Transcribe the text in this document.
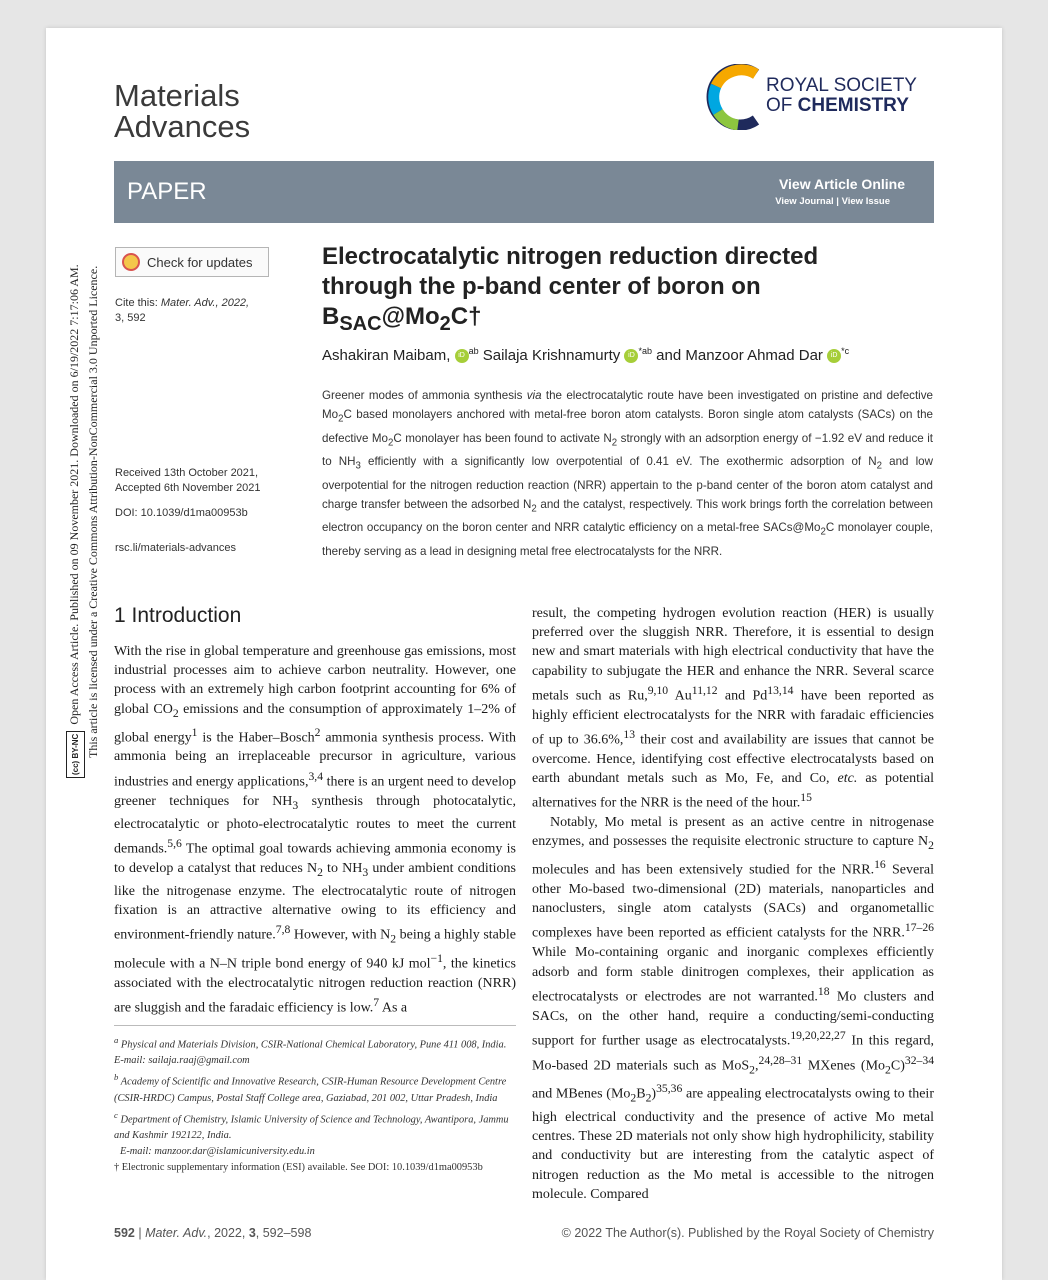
Materials
Advances
ROYAL SOCIETY
OF CHEMISTRY
PAPER	View Article Online
View Journal | View Issue
Check for updates
Cite this: Mater. Adv., 2022,
3, 592
Received 13th October 2021,
Accepted 6th November 2021
DOI: 10.1039/d1ma00953b
rsc.li/materials-advances
Electrocatalytic nitrogen reduction directed
through the p-band center of boron on
$B_{SAC}@Mo_2C\dagger$
Ashakiran Maibam, iD $^{ab}$ Sailaja Krishnamurty iD $^{*ab}$ and Manzoor Ahmad Dar iD $^{*c}$
Greener modes of ammonia synthesis via the electrocatalytic route have been investigated on pristine and defective $Mo_2C$ based monolayers anchored with metal-free boron atom catalysts. Boron single atom catalysts (SACs) on the defective $Mo_2C$ monolayer has been found to activate $N_2$ strongly with an adsorption energy of −1.92 eV and reduce it to $NH_3$ efficiently with a significantly low overpotential of 0.41 eV. The exothermic adsorption of $N_2$ and low overpotential for the nitrogen reduction reaction (NRR) appertain to the p-band center of the boron atom catalyst and charge transfer between the adsorbed $N_2$ and the catalyst, respectively. This work brings forth the correlation between electron occupancy on the boron center and NRR catalytic efficiency on a metal-free $SACs@Mo_2C$ monolayer couple, thereby serving as a lead in designing metal free electrocatalysts for the NRR.
1 Introduction

With the rise in global temperature and greenhouse gas emissions, most industrial processes aim to achieve carbon neutrality. However, one process with an extremely high carbon footprint accounting for 6% of global $CO_2$ emissions and the consumption of approximately 1–2% of global energy$^1$ is the Haber–Bosch$^2$ ammonia synthesis process. With ammonia being an irreplaceable precursor in agriculture, various industries and energy applications,$^{3,4}$ there is an urgent need to develop greener techniques for $NH_3$ synthesis through photocatalytic, electrocatalytic or photo-electrocatalytic routes to meet the current demands.$^{5,6}$ The optimal goal towards achieving ammonia economy is to develop a catalyst that reduces $N_2$ to $NH_3$ under ambient conditions like the nitrogenase enzyme. The electrocatalytic route of nitrogen fixation is an attractive alternative owing to its efficiency and environment-friendly nature.$^{7,8}$ However, with $N_2$ being a highly stable molecule with a N–N triple bond energy of 940 kJ mol$^{-1}$, the kinetics associated with the electrocatalytic nitrogen reduction reaction (NRR) are sluggish and the faradaic efficiency is low.$^7$ As a

result, the competing hydrogen evolution reaction (HER) is usually preferred over the sluggish NRR. Therefore, it is essential to design new and smart materials with high electrical conductivity that have the capability to subjugate the HER and enhance the NRR. Several scarce metals such as Ru,$^{9,10}$ Au$^{11,12}$ and Pd$^{13,14}$ have been reported as highly efficient electrocatalysts for the NRR with faradaic efficiencies of up to 36.6%,$^{13}$ their cost and availability are issues that cannot be overcome. Hence, identifying cost effective electrocatalysts based on earth abundant metals such as Mo, Fe, and Co, etc. as potential alternatives for the NRR is the need of the hour.$^{15}$

Notably, Mo metal is present as an active centre in nitrogenase enzymes, and possesses the requisite electronic structure to capture $N_2$ molecules and has been extensively studied for the NRR.$^{16}$ Several other Mo-based two-dimensional (2D) materials, nanoparticles and nanoclusters, single atom catalysts (SACs) and organometallic complexes have been reported as efficient catalysts for the NRR.$^{17-26}$ While Mo-containing organic and inorganic complexes efficiently adsorb and form stable dinitrogen complexes, their application as electrocatalysts or electrodes are not warranted.$^{18}$ Mo clusters and SACs, on the other hand, require a conducting/semi-conducting support for further usage as electrocatalysts.$^{19,20,22,27}$ In this regard, Mo-based 2D materials such as MoS$_2$,$^{24,28-31}$ MXenes $(Mo_2C)^{32-34}$ and MBenes $(Mo_2B_2)^{35,36}$ are appealing electrocatalysts owing to their high electrical conductivity and the presence of active Mo metal centres. These 2D materials not only show high hydrophilicity, stability and conductivity but are interesting from the catalytic aspect of nitrogen reduction as the Mo metal is accessible to the nitrogen molecule. Compared

$^a$ Physical and Materials Division, CSIR-National Chemical Laboratory, Pune 411 008, India. E-mail: sailaja.raaj@gmail.com

$^b$ Academy of Scientific and Innovative Research, CSIR-Human Resource Development Centre (CSIR-HRDC) Campus, Postal Staff College area, Gaziabad, 201 002, Uttar Pradesh, India

$^c$ Department of Chemistry, Islamic University of Science and Technology, Awantipora, Jammu and Kashmir 192122, India.

E-mail: manzoor.dar@islamicuniversity.edu.in

† Electronic supplementary information (ESI) available. See DOI: 10.1039/d1ma00953b

592 | Mater. Adv., 2022, 3, 592–598	© 2022 The Author(s). Published by the Royal Society of Chemistry
(cc) BY-NCOpen Access Article. Published on 09 November 2021. Downloaded on 6/19/2022 7:17:06 AM. This article is licensed under a Creative Commons Attribution-NonCommercial 3.0 Unported Licence.
